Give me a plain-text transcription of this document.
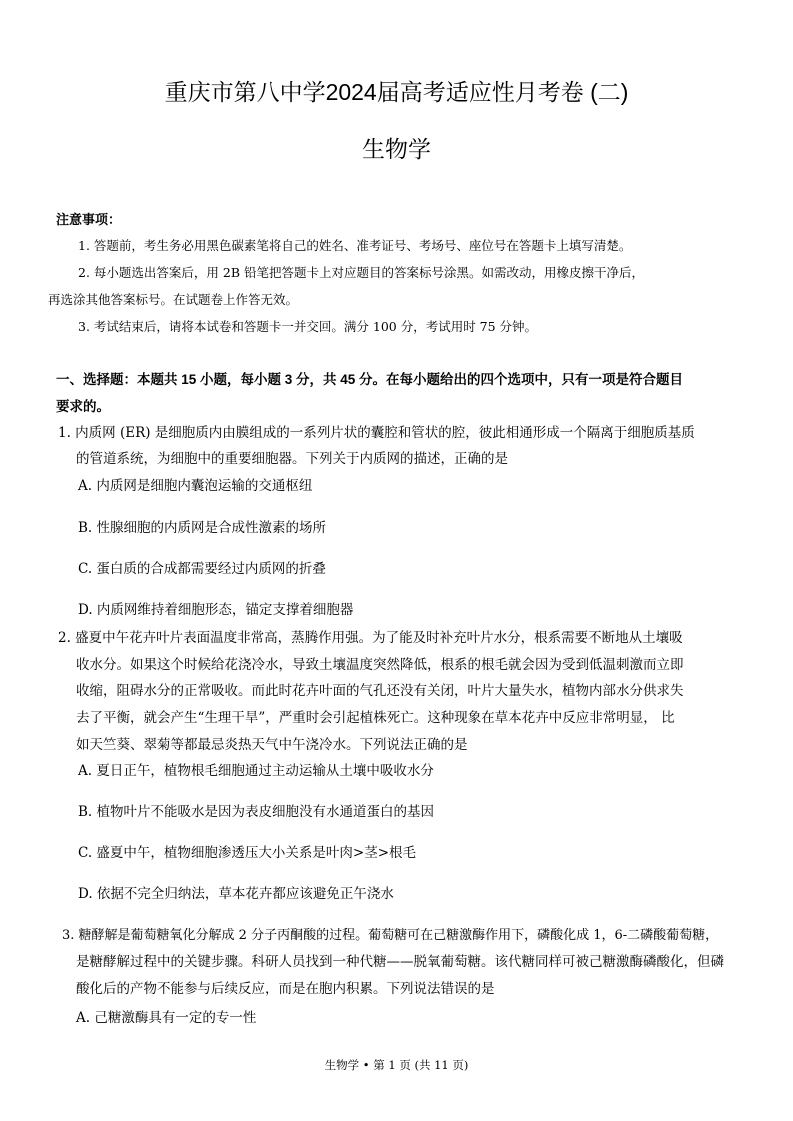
重庆市第八中学2024届高考适应性月考卷 (二)
生物学
注意事项：
1. 答题前，考生务必用黑色碳素笔将自己的姓名、准考证号、考场号、座位号在答题卡上填写清楚。
2. 每小题选出答案后，用 2B 铅笔把答题卡上对应题目的答案标号涂黑。如需改动，用橡皮擦干净后，
再选涂其他答案标号。在试题卷上作答无效。
3. 考试结束后，请将本试卷和答题卡一并交回。满分 100 分，考试用时 75 分钟。
一、选择题：本题共 15 小题，每小题 3 分，共 45 分。在每小题给出的四个选项中，只有一项是符合题目
要求的。
1. 内质网 (ER) 是细胞质内由膜组成的一系列片状的囊腔和管状的腔，彼此相通形成一个隔离于细胞质基质
的管道系统，为细胞中的重要细胞器。下列关于内质网的描述，正确的是
A. 内质网是细胞内囊泡运输的交通枢纽
B. 性腺细胞的内质网是合成性激素的场所
C. 蛋白质的合成都需要经过内质网的折叠
D. 内质网维持着细胞形态，锚定支撑着细胞器
2. 盛夏中午花卉叶片表面温度非常高，蒸腾作用强。为了能及时补充叶片水分，根系需要不断地从土壤吸
收水分。如果这个时候给花浇冷水，导致土壤温度突然降低，根系的根毛就会因为受到低温刺激而立即
收缩，阻碍水分的正常吸收。而此时花卉叶面的气孔还没有关闭，叶片大量失水，植物内部水分供求失
去了平衡，就会产生“生理干旱”，严重时会引起植株死亡。这种现象在草本花卉中反应非常明显， 比
如天竺葵、翠菊等都最忌炎热天气中午浇冷水。下列说法正确的是
A. 夏日正午，植物根毛细胞通过主动运输从土壤中吸收水分
B. 植物叶片不能吸水是因为表皮细胞没有水通道蛋白的基因
C. 盛夏中午，植物细胞渗透压大小关系是叶肉>茎>根毛
D. 依据不完全归纳法，草本花卉都应该避免正午浇水
3. 糖酵解是葡萄糖氧化分解成 2 分子丙酮酸的过程。葡萄糖可在己糖激酶作用下，磷酸化成 1，6-二磷酸葡萄糖，
是糖酵解过程中的关键步骤。科研人员找到一种代糖——脱氧葡萄糖。该代糖同样可被己糖激酶磷酸化，但磷
酸化后的产物不能参与后续反应，而是在胞内积累。下列说法错误的是
A. 己糖激酶具有一定的专一性
生物学 • 第 1 页 (共 11 页)
